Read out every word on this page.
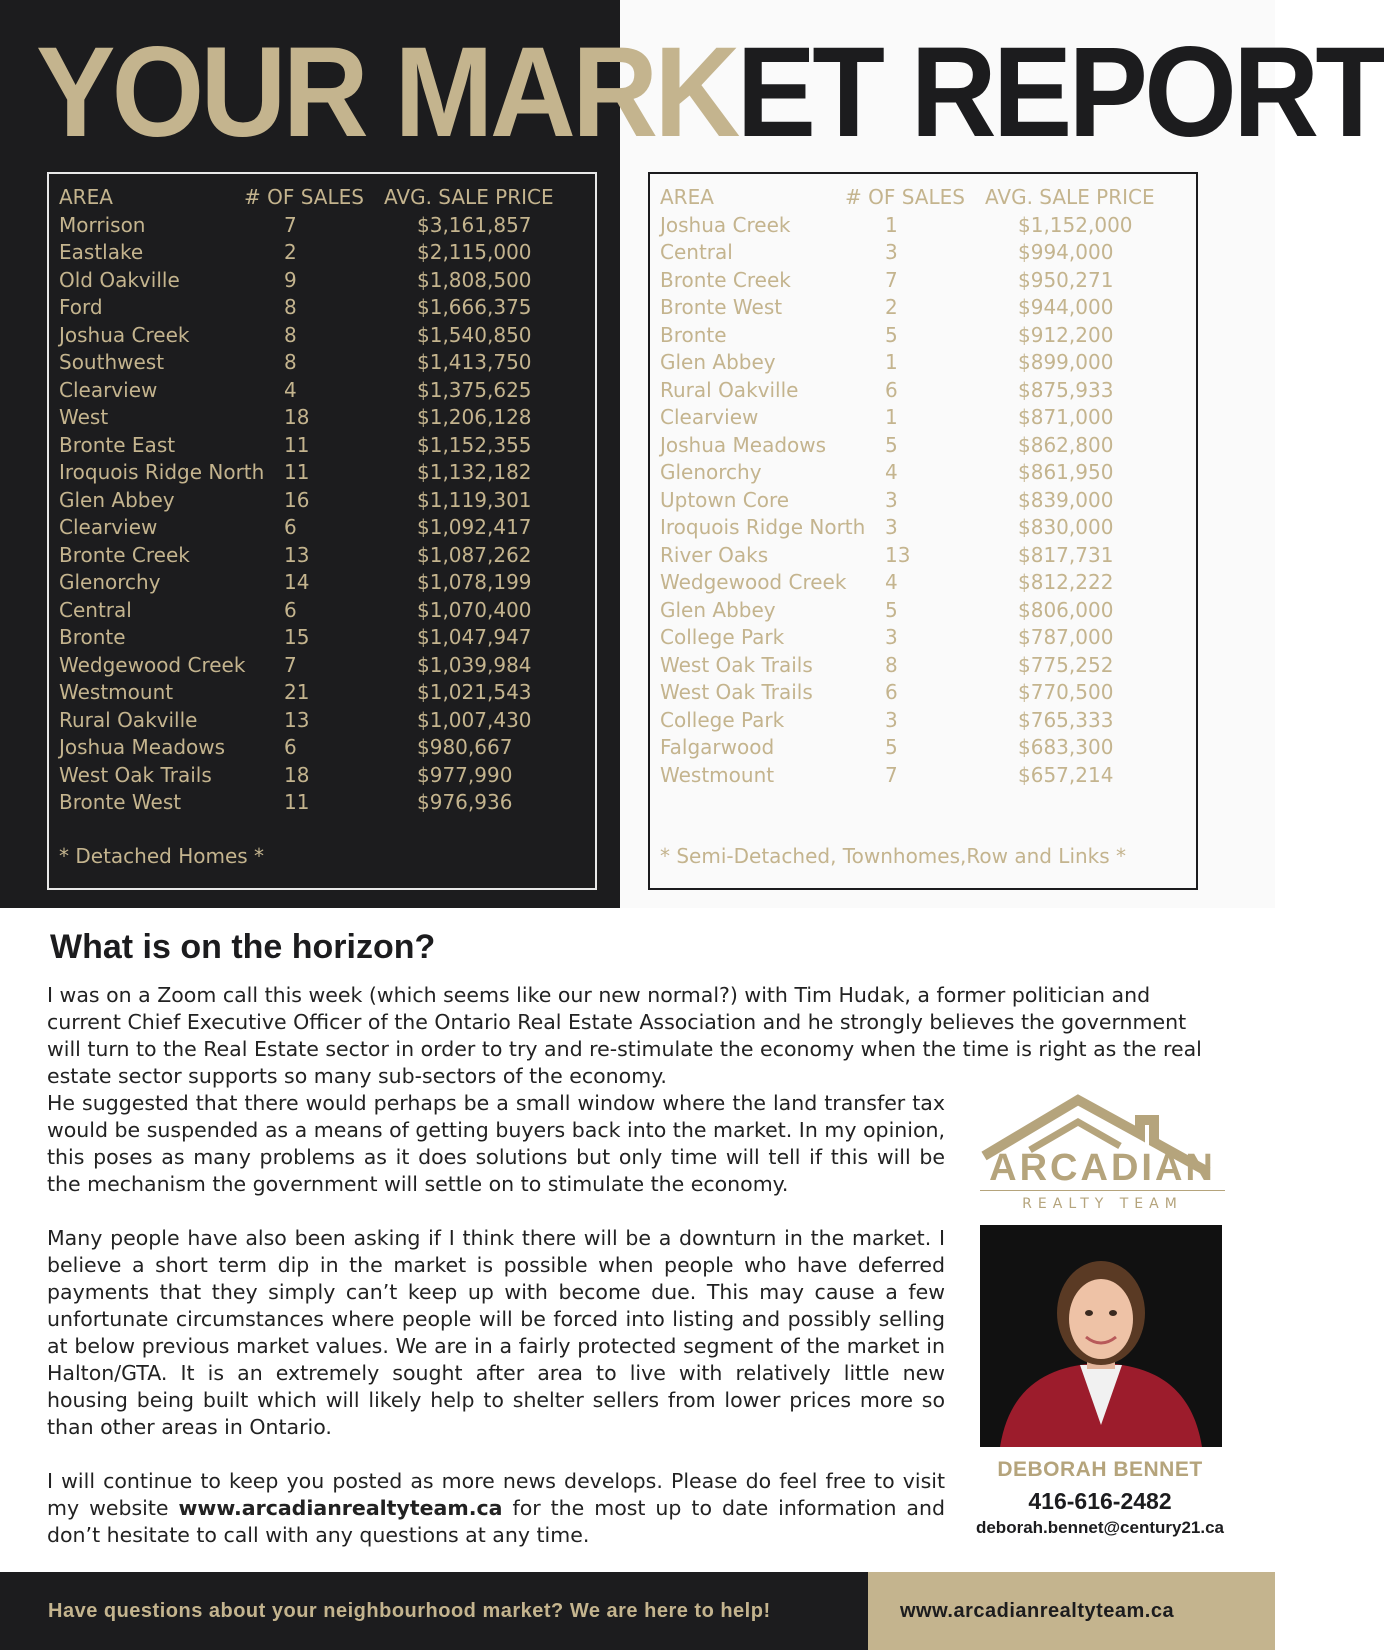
YOUR MARKET REPORT
AREA	# OF SALES	AVG. SALE PRICE
Morrison	7	$3,161,857
Eastlake	2	$2,115,000
Old Oakville	9	$1,808,500
Ford	8	$1,666,375
Joshua Creek	8	$1,540,850
Southwest	8	$1,413,750
Clearview	4	$1,375,625
West	18	$1,206,128
Bronte East	11	$1,152,355
Iroquois Ridge North 11	$1,132,182
Glen Abbey	16	$1,119,301
Clearview	6	$1,092,417
Bronte Creek	13	$1,087,262
Glenorchy	14	$1,078,199
Central	6	$1,070,400
Bronte	15	$1,047,947
Wedgewood Creek	7	$1,039,984
Westmount	21	$1,021,543
Rural Oakville	13	$1,007,430
Joshua Meadows	6	$980,667
West Oak Trails	18	$977,990
Bronte West	11	$976,936
* Detached Homes *
AREA	# OF SALES	AVG. SALE PRICE
Joshua Creek	1	$1,152,000
Central	3	$994,000
Bronte Creek	7	$950,271
Bronte West	2	$944,000
Bronte	5	$912,200
Glen Abbey	1	$899,000
Rural Oakville	6	$875,933
Clearview	1	$871,000
Joshua Meadows	5	$862,800
Glenorchy	4	$861,950
Uptown Core	3	$839,000
Iroquois Ridge North 3	$830,000
River Oaks	13	$817,731
Wedgewood Creek	4	$812,222
Glen Abbey	5	$806,000
College Park	3	$787,000
West Oak Trails	8	$775,252
West Oak Trails	6	$770,500
College Park	3	$765,333
Falgarwood	5	$683,300
Westmount	7	$657,214
* Semi-Detached, Townhomes,Row and Links *
What is on the horizon?
I was on a Zoom call this week (which seems like our new normal?) with Tim Hudak, a former politician and current Chief Executive Officer of the Ontario Real Estate Association and he strongly believes the government will turn to the Real Estate sector in order to try and re-stimulate the economy when the time is right as the real estate sector supports so many sub-sectors of the economy.
He suggested that there would perhaps be a small window where the land transfer tax would be suspended as a means of getting buyers back into the market. In my opinion, this poses as many problems as it does solutions but only time will tell if this will be the mechanism the government will settle on to stimulate the economy.
Many people have also been asking if I think there will be a downturn in the market. I believe a short term dip in the market is possible when people who have deferred payments that they simply can’t keep up with become due. This may cause a few unfortunate circumstances where people will be forced into listing and possibly selling at below previous market values. We are in a fairly protected segment of the market in Halton/GTA. It is an extremely sought after area to live with relatively little new housing being built which will likely help to shelter sellers from lower prices more so than other areas in Ontario.
I will continue to keep you posted as more news develops. Please do feel free to visit my website www.arcadianrealtyteam.ca for the most up to date information and don’t hesitate to call with any questions at any time.
ARCADIAN
REALTY TEAM
DEBORAH BENNET
416-616-2482
deborah.bennet@century21.ca
Have questions about your neighbourhood market? We are here to help!	www.arcadianrealtyteam.ca
